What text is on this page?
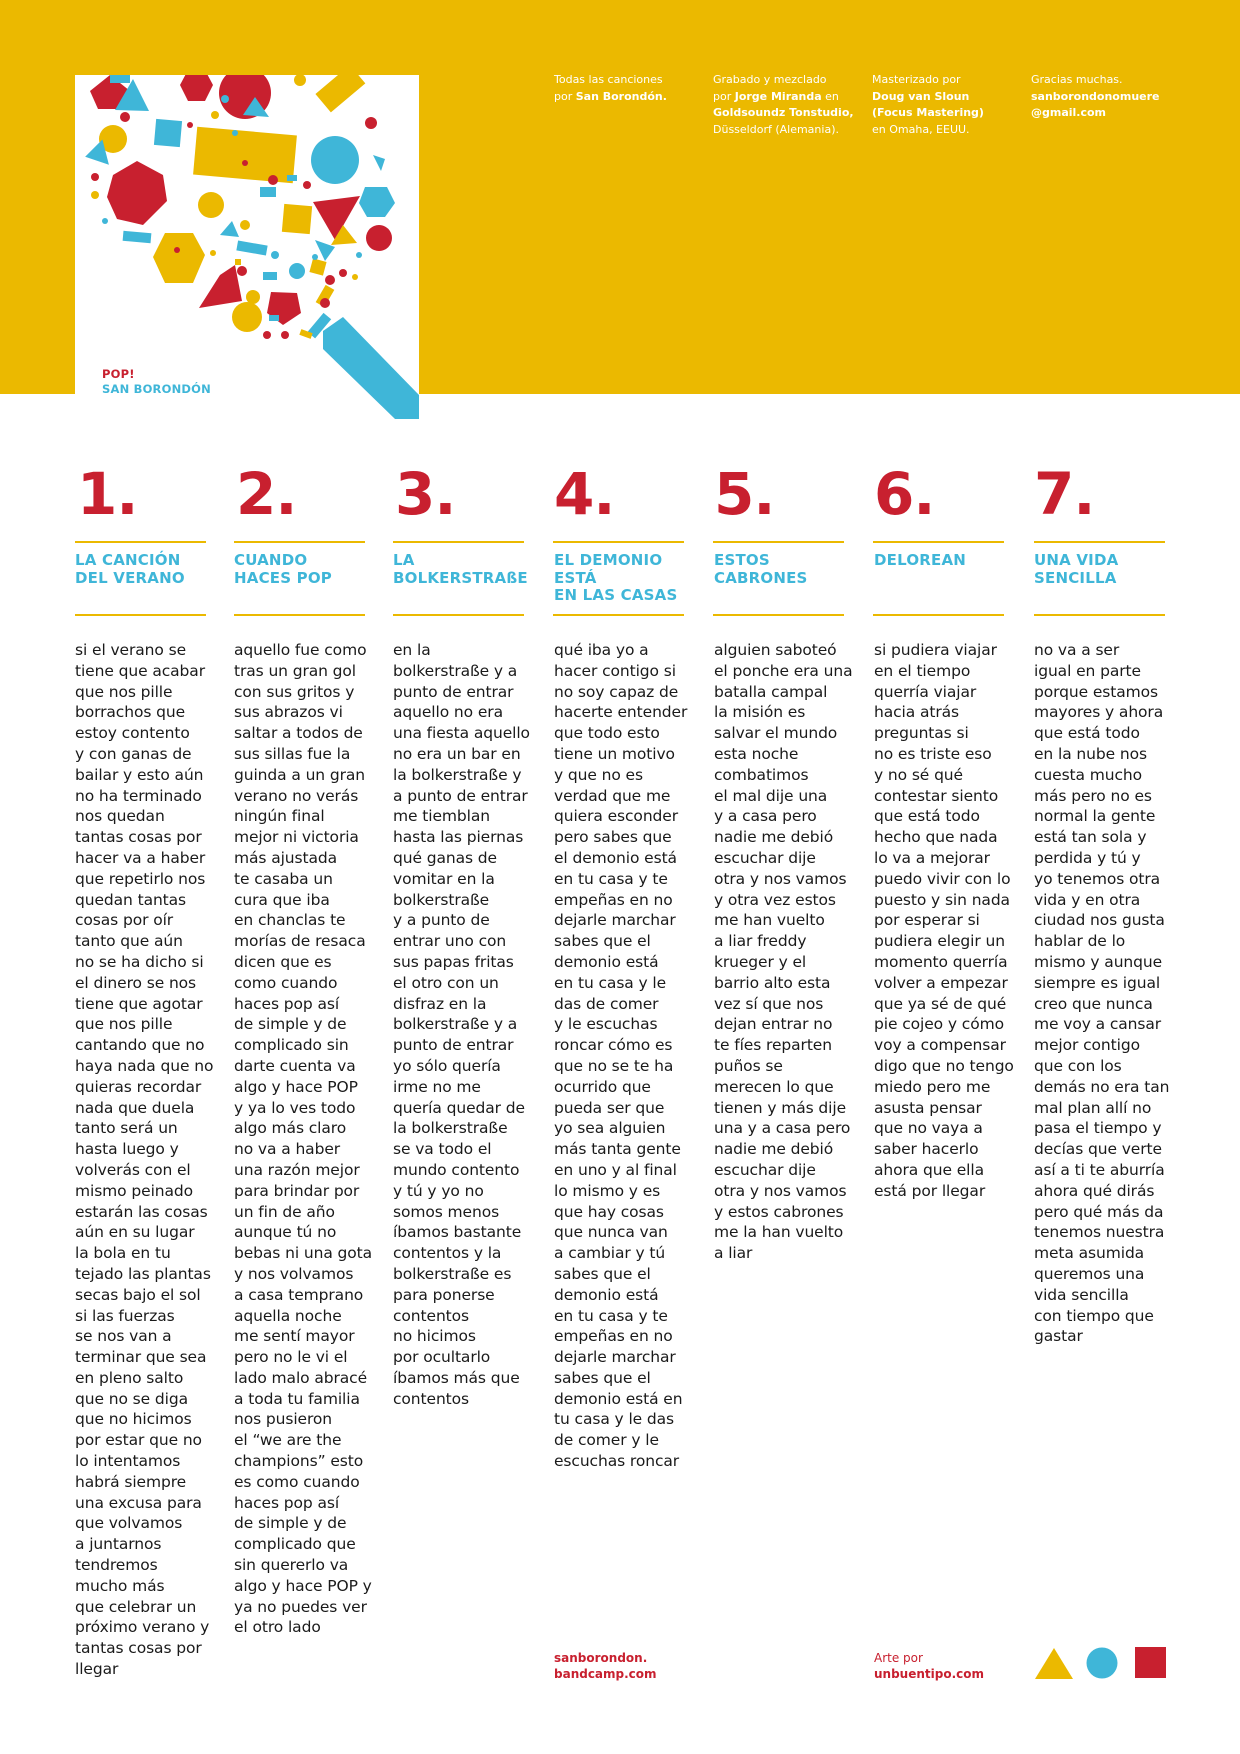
POP!
SAN BORONDÓN
Todas las canciones
por San Borondón.
Grabado y mezclado
por Jorge Miranda en
Goldsoundz Tonstudio,
Düsseldorf (Alemania).
Masterizado por
Doug van Sloun
(Focus Mastering)
en Omaha, EEUU.
Gracias muchas.
sanborondonomuere
@gmail.com
1.
LA CANCIÓN
DEL VERANO
si el verano se
tiene que acabar
que nos pille
borrachos que
estoy contento
y con ganas de
bailar y esto aún
no ha terminado
nos quedan
tantas cosas por
hacer va a haber
que repetirlo nos
quedan tantas
cosas por oír
tanto que aún
no se ha dicho si
el dinero se nos
tiene que agotar
que nos pille
cantando que no
haya nada que no
quieras recordar
nada que duela
tanto será un
hasta luego y
volverás con el
mismo peinado
estarán las cosas
aún en su lugar
la bola en tu
tejado las plantas
secas bajo el sol
si las fuerzas
se nos van a
terminar que sea
en pleno salto
que no se diga
que no hicimos
por estar que no
lo intentamos
habrá siempre
una excusa para
que volvamos
a juntarnos
tendremos
mucho más
que celebrar un
próximo verano y
tantas cosas por
llegar
2.
CUANDO
HACES POP
aquello fue como
tras un gran gol
con sus gritos y
sus abrazos vi
saltar a todos de
sus sillas fue la
guinda a un gran
verano no verás
ningún final
mejor ni victoria
más ajustada
te casaba un
cura que iba
en chanclas te
morías de resaca
dicen que es
como cuando
haces pop así
de simple y de
complicado sin
darte cuenta va
algo y hace POP
y ya lo ves todo
algo más claro
no va a haber
una razón mejor
para brindar por
un fin de año
aunque tú no
bebas ni una gota
y nos volvamos
a casa temprano
aquella noche
me sentí mayor
pero no le vi el
lado malo abracé
a toda tu familia
nos pusieron
el “we are the
champions” esto
es como cuando
haces pop así
de simple y de
complicado que
sin quererlo va
algo y hace POP y
ya no puedes ver
el otro lado
3.
LA
BOLKERSTRAßE
en la
bolkerstraße y a
punto de entrar
aquello no era
una fiesta aquello
no era un bar en
la bolkerstraße y
a punto de entrar
me tiemblan
hasta las piernas
qué ganas de
vomitar en la
bolkerstraße
y a punto de
entrar uno con
sus papas fritas
el otro con un
disfraz en la
bolkerstraße y a
punto de entrar
yo sólo quería
irme no me
quería quedar de
la bolkerstraße
se va todo el
mundo contento
y tú y yo no
somos menos
íbamos bastante
contentos y la
bolkerstraße es
para ponerse
contentos
no hicimos
por ocultarlo
íbamos más que
contentos
4.
EL DEMONIO ESTÁ
EN LAS CASAS
qué iba yo a
hacer contigo si
no soy capaz de
hacerte entender
que todo esto
tiene un motivo
y que no es
verdad que me
quiera esconder
pero sabes que
el demonio está
en tu casa y te
empeñas en no
dejarle marchar
sabes que el
demonio está
en tu casa y le
das de comer
y le escuchas
roncar cómo es
que no se te ha
ocurrido que
pueda ser que
yo sea alguien
más tanta gente
en uno y al final
lo mismo y es
que hay cosas
que nunca van
a cambiar y tú
sabes que el
demonio está
en tu casa y te
empeñas en no
dejarle marchar
sabes que el
demonio está en
tu casa y le das
de comer y le
escuchas roncar
5.
ESTOS
CABRONES
alguien saboteó
el ponche era una
batalla campal
la misión es
salvar el mundo
esta noche
combatimos
el mal dije una
y a casa pero
nadie me debió
escuchar dije
otra y nos vamos
y otra vez estos
me han vuelto
a liar freddy
krueger y el
barrio alto esta
vez sí que nos
dejan entrar no
te fíes reparten
puños se
merecen lo que
tienen y más dije
una y a casa pero
nadie me debió
escuchar dije
otra y nos vamos
y estos cabrones
me la han vuelto
a liar
6.
DELOREAN
si pudiera viajar
en el tiempo
querría viajar
hacia atrás
preguntas si
no es triste eso
y no sé qué
contestar siento
que está todo
hecho que nada
lo va a mejorar
puedo vivir con lo
puesto y sin nada
por esperar si
pudiera elegir un
momento querría
volver a empezar
que ya sé de qué
pie cojeo y cómo
voy a compensar
digo que no tengo
miedo pero me
asusta pensar
que no vaya a
saber hacerlo
ahora que ella
está por llegar
7.
UNA VIDA
SENCILLA
no va a ser
igual en parte
porque estamos
mayores y ahora
que está todo
en la nube nos
cuesta mucho
más pero no es
normal la gente
está tan sola y
perdida y tú y
yo tenemos otra
vida y en otra
ciudad nos gusta
hablar de lo
mismo y aunque
siempre es igual
creo que nunca
me voy a cansar
mejor contigo
que con los
demás no era tan
mal plan allí no
pasa el tiempo y
decías que verte
así a ti te aburría
ahora qué dirás
pero qué más da
tenemos nuestra
meta asumida
queremos una
vida sencilla
con tiempo que
gastar
sanborondon.
bandcamp.com
Arte por
unbuentipo.com
